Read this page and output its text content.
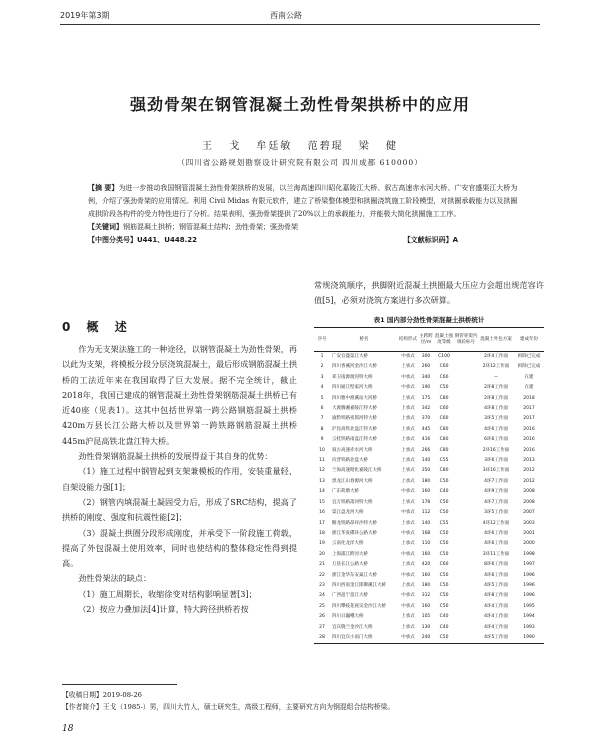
2019年第3期	西南公路
强劲骨架在钢管混凝土劲性骨架拱桥中的应用
王 戈 牟廷敏 范碧琨 梁 健
（四川省公路规划勘察设计研究院有限公司 四川成都 610000）

【摘 要】为进一步推动我国钢管混凝土劲性骨架拱桥的发展，以兰海高速四川昭化嘉陵江大桥、叙古高速赤水河大桥、广安官盛渠江大桥为例，介绍了强劲骨架的应用情况。利用 Civil Midas 有限元软件，建立了桥梁整体模型和拱圈浇筑施工阶段模型，对拱圈承载能力以及拱圈成拱阶段各构件的受力特性进行了分析。结果表明，强劲骨架提供了20%以上的承载能力，并能极大简化拱圈施工工序。

【关键词】钢筋混凝土拱桥；钢管混凝土结构；劲性骨架；强劲骨架

【中图分类号】U441、U448.22	【文献标识码】A
0 概 述

作为无支架法施工的一种途径，以钢管混凝土为劲性骨架，再以此为支架，将模板分段分层浇筑混凝土，最后形成钢筋混凝土拱桥的工法近年来在我国取得了巨大发展。据不完全统计，截止2018年，我国已建成的钢管混凝土劲性骨架钢筋混凝土拱桥已有近40座（见表1）。这其中包括世界第一跨公路钢筋混凝土拱桥420m万县长江公路大桥以及世界第一跨铁路钢筋混凝土拱桥445m沪昆高铁北盘江特大桥。

劲性骨架钢筋混凝土拱桥的发展得益于其自身的优势：

（1）施工过程中钢管起到支架兼模板的作用，安装重量轻、自架设能力强[1]；

（2）钢管内填混凝土凝固受力后，形成了SRC结构，提高了拱桥的刚度、强度和抗震性能[2]；

（3）混凝土拱圈分段形成刚度，并承受下一阶段施工荷载，提高了外包混凝土使用效率，同时也使结构的整体稳定性得到提高。

劲性骨架法的缺点：

（1）施工周期长，收缩徐变对结构影响显著[3]；

（2）按应力叠加法[4]计算，特大跨径拱桥若按

常规浇筑顺序，拱脚附近混凝土拱圈最大压应力会超出规范容许值[5]，必须对浇筑方案进行多次研算。

表1 国内部分劲性骨架混凝土拱桥统计
序号	桥名	结构形式	主跨跨径/m	混凝土强度等级	钢管骨架内填砼标号	混凝土外包方案	建成年份
1	广安官盛渠江大桥	中承式	300	C100		2环4工作面	拆除已完成
2	四川香溪河金沙江大桥	上承式	260	C60		2环12工作面	拆除已完成
3	邓卫南源渡河特大桥	中承式	340	C60		—	在建
4	四川通江壁家河大桥	中承式	190	C50		2环8工作面	在建
5	四川雅中渔溪站大河桥	上承式	175	C80		2环8工作面	2018
6	大渡腾湘嘉陵江特大桥	上承式	342	C60		4环8工作面	2017
7	渝黔铁路夜郎河特大桥	上承式	370	C60		3环5工作面	2017
8	沪昆高铁北盘江特大桥	上承式	445	C80		4环6工作面	2016
9	云桂铁路南盘江特大桥	上承式	416	C80		6环6工作面	2016
10	叙古高速赤水河大桥	上承式	266	C80		2环16工作面	2016
11	向晋铁路北盘大桥	上承式	140	C55		3环6工作面	2013
12	兰海高速昭化嘉陵江大桥	上承式	350	C80		3环16工作面	2012
13	黑龙江山春源河大桥	上承式	180	C50		4环7工作面	2012
14	广东荷塘大桥	中承式	160	C40		4环9工作面	2008
15	宜万铁路落河特大桥	上承式	178	C50		4环7工作面	2008
16	渠江盘龙河大桥	中承式	112	C50		3环5工作面	2007
17	糖龙铁路昂祥沙特大桥	上承式	140	C55		4环12工作面	2003
18	浙江华发碟环公路大桥	中承式	168	C50		4环6工作面	2001
19	云南化龙洋大桥	上承式	110	C50		4环6工作面	2000
20	上海浦江跨河大桥	中承式	160	C50		3环11工作面	1998
21	万县长江公路大桥	上承式	420	C60		8环6工作面	1997
22	浙江金华东安巢江大桥	中承式	160	C50		4环6工作面	1996
23	四川西南金江邯佛溪江大桥	上承式	180	C50		4环5工作面	1996
24	广西邕宁邕江大桥	中承式	312	C50		4环8工作面	1996
25	四川攀枝花视吴金沙江大桥	中承式	160	C50		4环4工作面	1995
26	四川日巍峨大桥	上承式	105	C40		4环4工作面	1994
27	宜宾晓兰金沙江大桥	上承式	130	C40		4环4工作面	1993
28	四川宜宾小南门大桥	中承式	240	C50		4环5工作面	1990

【收稿日期】2019-08-26

【作者简介】王戈（1985-）男，四川大竹人，硕士研究生，高级工程师，主要研究方向为钢混组合结构桥梁。

18
